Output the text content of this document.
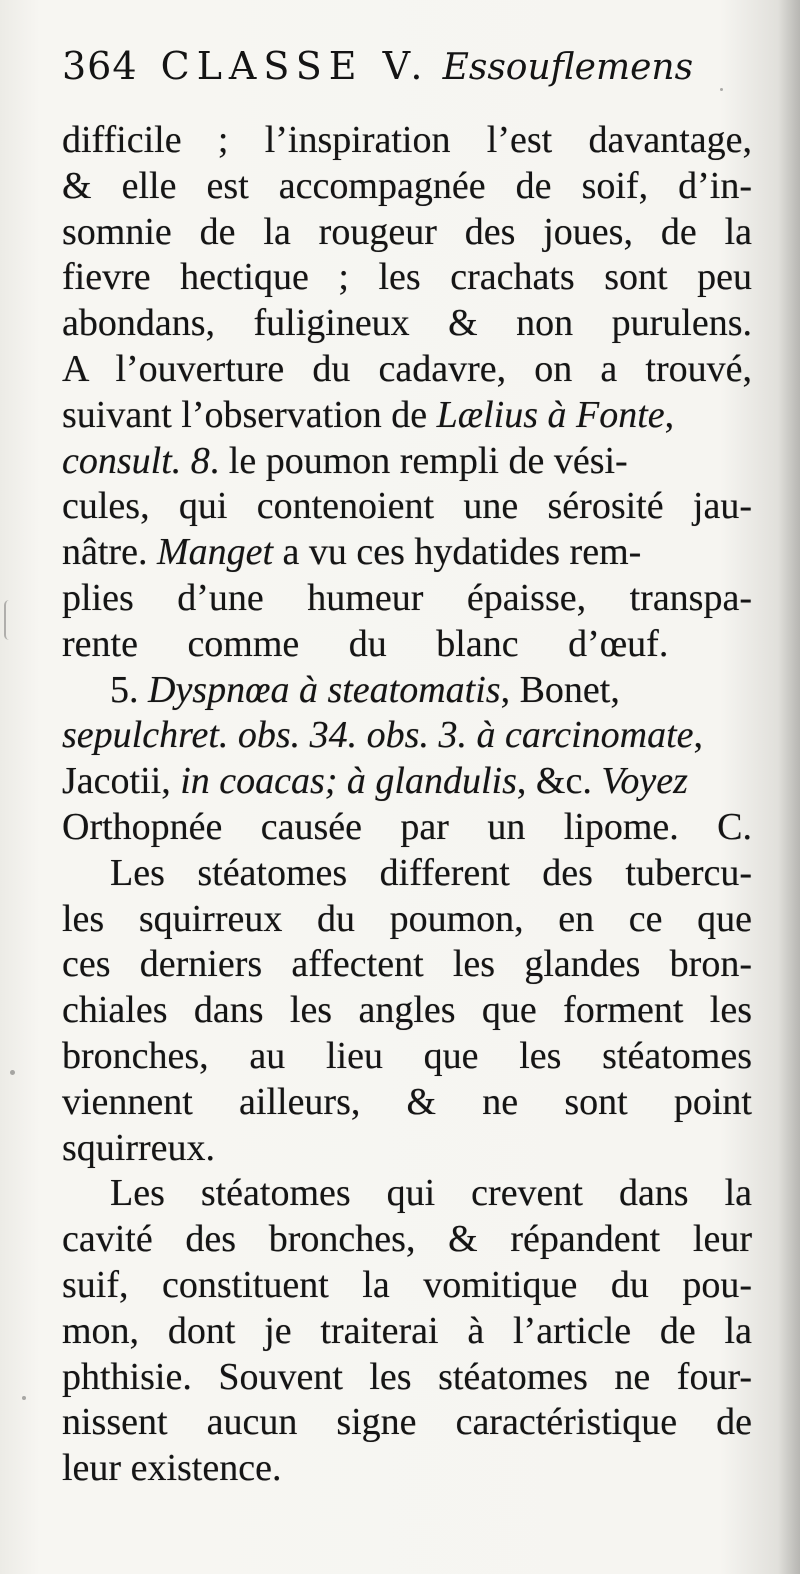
364 CLASSE V. Essouflemens
difficile ; l’inspiration l’est davantage,
& elle est accompagnée de soif, d’in-
somnie de la rougeur des joues, de la
fievre hectique ; les crachats sont peu
abondans, fuligineux & non purulens.
A l’ouverture du cadavre, on a trouvé,
suivant l’observation de Lælius à Fonte,
consult. 8. le poumon rempli de vési-
cules, qui contenoient une sérosité jau-
nâtre. Manget a vu ces hydatides rem-
plies d’une humeur épaisse, transpa-
rente comme du blanc d’œuf.
5. Dyspnœa à steatomatis, Bonet,
sepulchret. obs. 34. obs. 3. à carcinomate,
Jacotii, in coacas; à glandulis, &c. Voyez
Orthopnée causée par un lipome. C.
Les stéatomes different des tubercu-
les squirreux du poumon, en ce que
ces derniers affectent les glandes bron-
chiales dans les angles que forment les
bronches, au lieu que les stéatomes
viennent ailleurs, & ne sont point
squirreux.
Les stéatomes qui crevent dans la
cavité des bronches, & répandent leur
suif, constituent la vomitique du pou-
mon, dont je traiterai à l’article de la
phthisie. Souvent les stéatomes ne four-
nissent aucun signe caractéristique de
leur existence.
